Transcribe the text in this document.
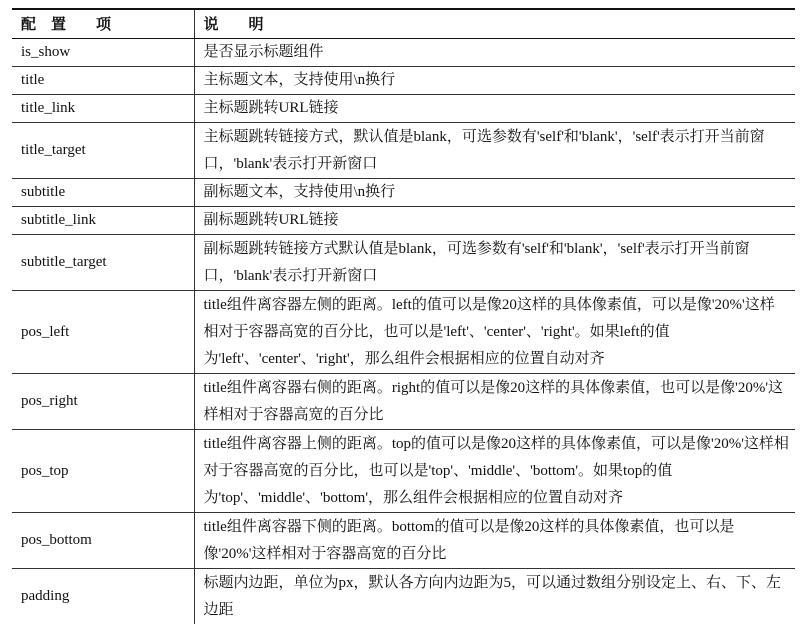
配　置　　项	说　　明
is_show	是否显示标题组件
title	主标题文本，支持使用\n换行
title_link	主标题跳转URL链接
title_target	主标题跳转链接方式，默认值是blank，可选参数有'self'和'blank'，'self'表示打开当前窗口，'blank'表示打开新窗口
subtitle	副标题文本，支持使用\n换行
subtitle_link	副标题跳转URL链接
subtitle_target	副标题跳转链接方式默认值是blank，可选参数有'self'和'blank'，'self'表示打开当前窗口，'blank'表示打开新窗口
pos_left	title组件离容器左侧的距离。left的值可以是像20这样的具体像素值，可以是像'20%'这样相对于容器高宽的百分比，也可以是'left'、'center'、'right'。如果left的值为'left'、'center'、'right'，那么组件会根据相应的位置自动对齐
pos_right	title组件离容器右侧的距离。right的值可以是像20这样的具体像素值，也可以是像'20%'这样相对于容器高宽的百分比
pos_top	title组件离容器上侧的距离。top的值可以是像20这样的具体像素值，可以是像'20%'这样相对于容器高宽的百分比，也可以是'top'、'middle'、'bottom'。如果top的值为'top'、'middle'、'bottom'，那么组件会根据相应的位置自动对齐
pos_bottom	title组件离容器下侧的距离。bottom的值可以是像20这样的具体像素值，也可以是像'20%'这样相对于容器高宽的百分比
padding	标题内边距，单位为px，默认各方向内边距为5，可以通过数组分别设定上、右、下、左边距
